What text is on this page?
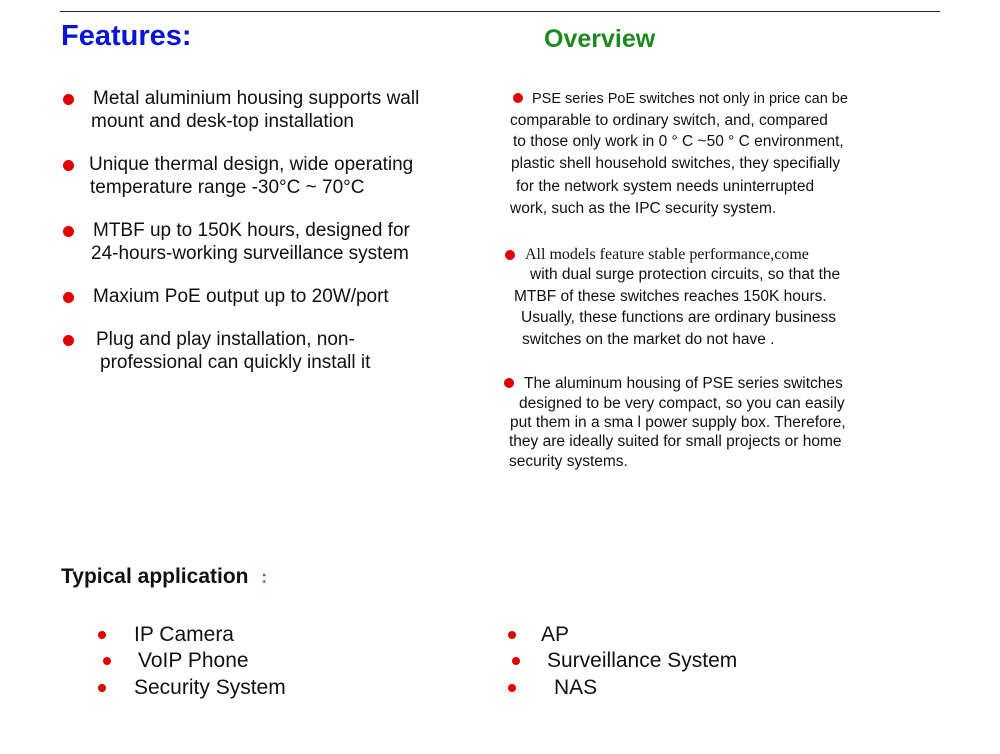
Features:	Overview
Metal aluminium housing supports wall
mount and desk-top installation
Unique thermal design, wide operating
temperature range -30°C ~ 70°C
MTBF up to 150K hours, designed for
24-hours-working surveillance system
Maxium PoE output up to 20W/port
Plug and play installation, non-
professional can quickly install it
PSE series PoE switches not only in price can be
comparable to ordinary switch, and, compared
to those only work in 0 ° C ~50 ° C environment,
plastic shell household switches, they specifially
for the network system needs uninterrupted
work, such as the IPC security system.
All models feature stable performance,come
with dual surge protection circuits, so that the
MTBF of these switches reaches 150K hours.
Usually, these functions are ordinary business
switches on the market do not have .
The aluminum housing of PSE series switches
designed to be very compact, so you can easily
put them in a sma l power supply box. Therefore,
they are ideally suited for small projects or home
security systems.
Typical application ：
IP Camera
VoIP Phone
Security System
AP
Surveillance System
NAS
